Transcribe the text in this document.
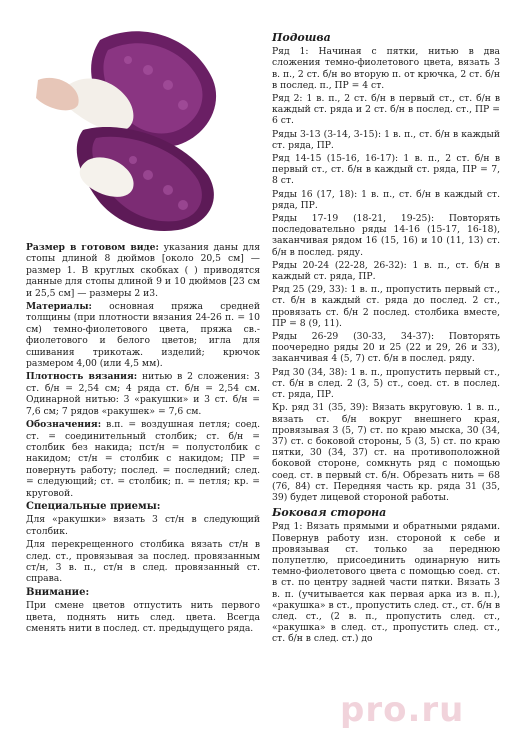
Размер в готовом виде: указания даны для стопы длиной 8 дюймов [около 20,5 см] — размер 1. В круглых скобках ( ) приводятся данные для стопы длиной 9 и 10 дюймов [23 см и 25,5 см] — размеры 2 и3.

Материалы: основная пряжа средней толщины (при плотности вязания 24-26 п. = 10 см) темно-фиолетового цвета, пряжа св.-фиолетового и белого цветов; игла для сшивания трикотаж. изделий; крючок размером 4,00 (или 4,5 мм).

Плотность вязания: нитью в 2 сложения: 3 ст. б/н = 2,54 см; 4 ряда ст. б/н = 2,54 см. Одинарной нитью: 3 «ракушки» и 3 ст. б/н = 7,6 см; 7 рядов «ракушек» = 7,6 см.

Обозначения: в.п. = воздушная петля; соед. ст. = соединительный столбик; ст. б/н = столбик без накида; пст/н = полустолбик с накидом; ст/н = столбик с накидом; ПР = повернуть работу; послед. = последний; след. = следующий; ст. = столбик; п. = петля; кр. = круговой.

Специальные приемы:

Для «ракушки» вязать 3 ст/н в следующий столбик.

Для перекрещенного столбика вязать ст/н в след. ст., провязывая за послед. провязанным ст/н, 3 в. п., ст/н в след. провязанный ст. справа.

Внимание:

При смене цветов отпустить нить первого цвета, поднять нить след. цвета. Всегда сменять нити в послед. ст. предыдущего ряда.

Подошва

Ряд 1: Начиная с пятки, нитью в два сложения темно-фиолетового цвета, вязать 3 в. п., 2 ст. б/н во вторую п. от крючка, 2 ст. б/н в послед. п., ПР = 4 ст.

Ряд 2: 1 в. п., 2 ст. б/н в первый ст., ст. б/н в каждый ст. ряда и 2 ст. б/н в послед. ст., ПР = 6 ст.

Ряды 3-13 (3-14, 3-15): 1 в. п., ст. б/н в каждый ст. ряда, ПР.

Ряд 14-15 (15-16, 16-17): 1 в. п., 2 ст. б/н в первый ст., ст. б/н в каждый ст. ряда, ПР = 7, 8 ст.

Ряды 16 (17, 18): 1 в. п., ст. б/н в каждый ст. ряда, ПР.

Ряды 17-19 (18-21, 19-25): Повторять последовательно ряды 14-16 (15-17, 16-18), заканчивая рядом 16 (15, 16) и 10 (11, 13) ст. б/н в послед. ряду.

Ряды 20-24 (22-28, 26-32): 1 в. п., ст. б/н в каждый ст. ряда, ПР.

Ряд 25 (29, 33): 1 в. п., пропустить первый ст., ст. б/н в каждый ст. ряда до послед. 2 ст., провязать ст. б/н 2 послед. столбика вместе, ПР = 8 (9, 11).

Ряды 26-29 (30-33, 34-37): Повторять поочередно ряды 20 и 25 (22 и 29, 26 и 33), заканчивая 4 (5, 7) ст. б/н в послед. ряду.

Ряд 30 (34, 38): 1 в. п., пропустить первый ст., ст. б/н в след. 2 (3, 5) ст., соед. ст. в послед. ст. ряда, ПР.

Кр. ряд 31 (35, 39): Вязать вкруговую. 1 в. п., вязать ст. б/н вокруг внешнего края, провязывая 3 (5, 7) ст. по краю мыска, 30 (34, 37) ст. с боковой стороны, 5 (3, 5) ст. по краю пятки, 30 (34, 37) ст. на противоположной боковой стороне, сомкнуть ряд с помощью соед. ст. в первый ст. б/н. Обрезать нить = 68 (76, 84) ст. Передняя часть кр. ряда 31 (35, 39) будет лицевой стороной работы.

Боковая сторона

Ряд 1: Вязать прямыми и обратными рядами. Повернув работу изн. стороной к себе и провязывая ст. только за переднюю полупетлю, присоединить одинарную нить темно-фиолетового цвета с помощью соед. ст. в ст. по центру задней части пятки. Вязать 3 в. п. (учитывается как первая арка из в. п.), «ракушка» в ст., пропустить след. ст., ст. б/н в след. ст., (2 в. п., пропустить след. ст., «ракушка» в след. ст., пропустить след. ст., ст. б/н в след. ст.) до

pro.ru
